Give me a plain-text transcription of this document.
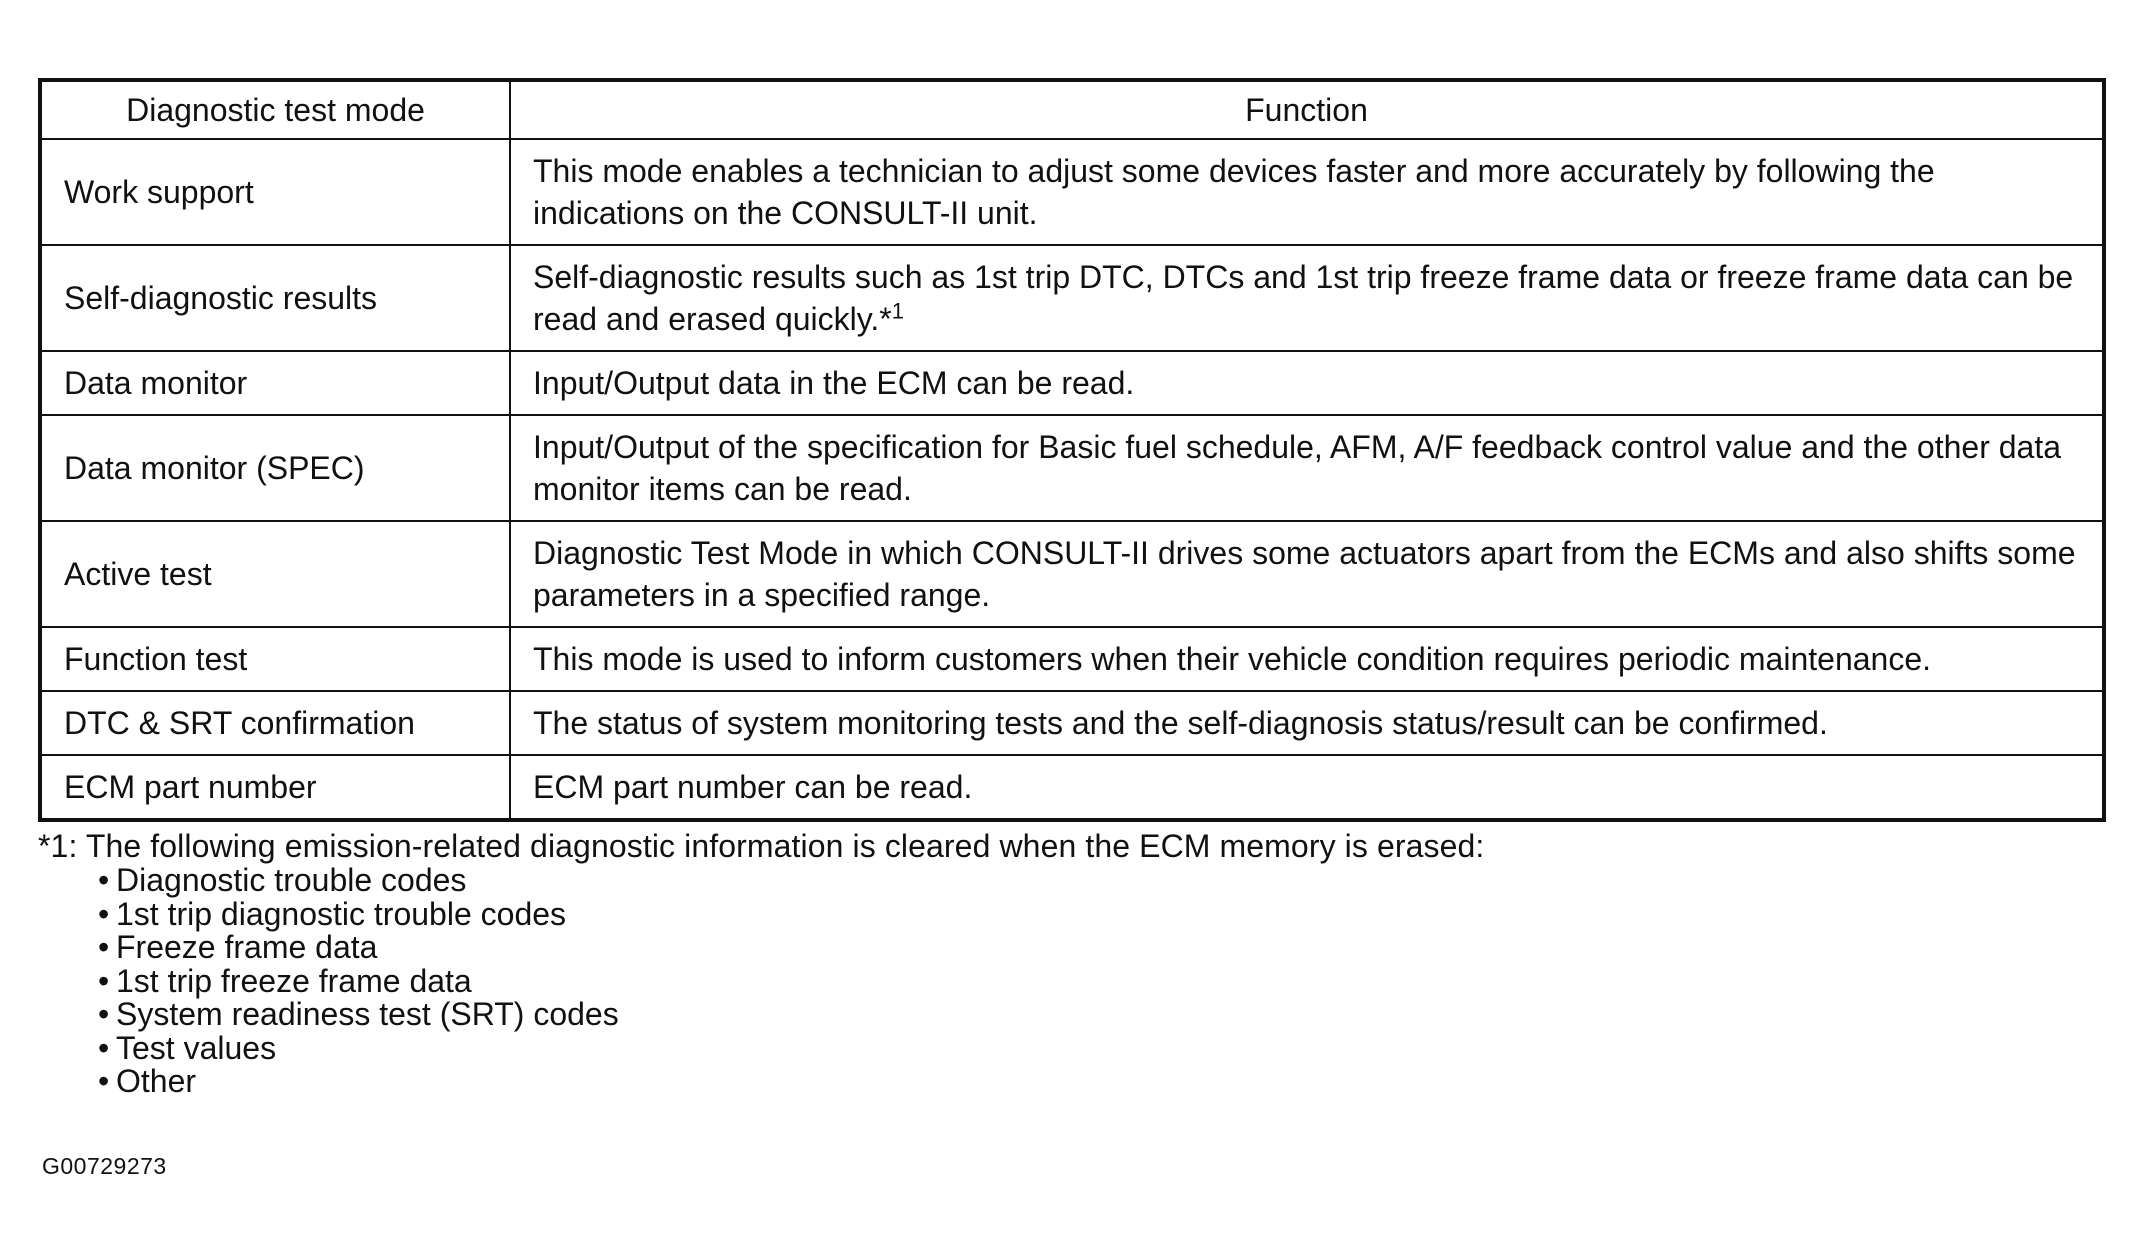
Diagnostic test mode	Function
Work support	This mode enables a technician to adjust some devices faster and more accurately by following the indications on the CONSULT-II unit.
Self-diagnostic results	Self-diagnostic results such as 1st trip DTC, DTCs and 1st trip freeze frame data or freeze frame data can be read and erased quickly.*$^1$
Data monitor	Input/Output data in the ECM can be read.
Data monitor (SPEC)	Input/Output of the specification for Basic fuel schedule, AFM, A/F feedback control value and the other data monitor items can be read.
Active test	Diagnostic Test Mode in which CONSULT-II drives some actuators apart from the ECMs and also shifts some parameters in a specified range.
Function test	This mode is used to inform customers when their vehicle condition requires periodic maintenance.
DTC & SRT confirmation	The status of system monitoring tests and the self-diagnosis status/result can be confirmed.
ECM part number	ECM part number can be read.
*1: The following emission-related diagnostic information is cleared when the ECM memory is erased:
• Diagnostic trouble codes
• 1st trip diagnostic trouble codes
• Freeze frame data
• 1st trip freeze frame data
• System readiness test (SRT) codes
• Test values
• Other
G00729273
